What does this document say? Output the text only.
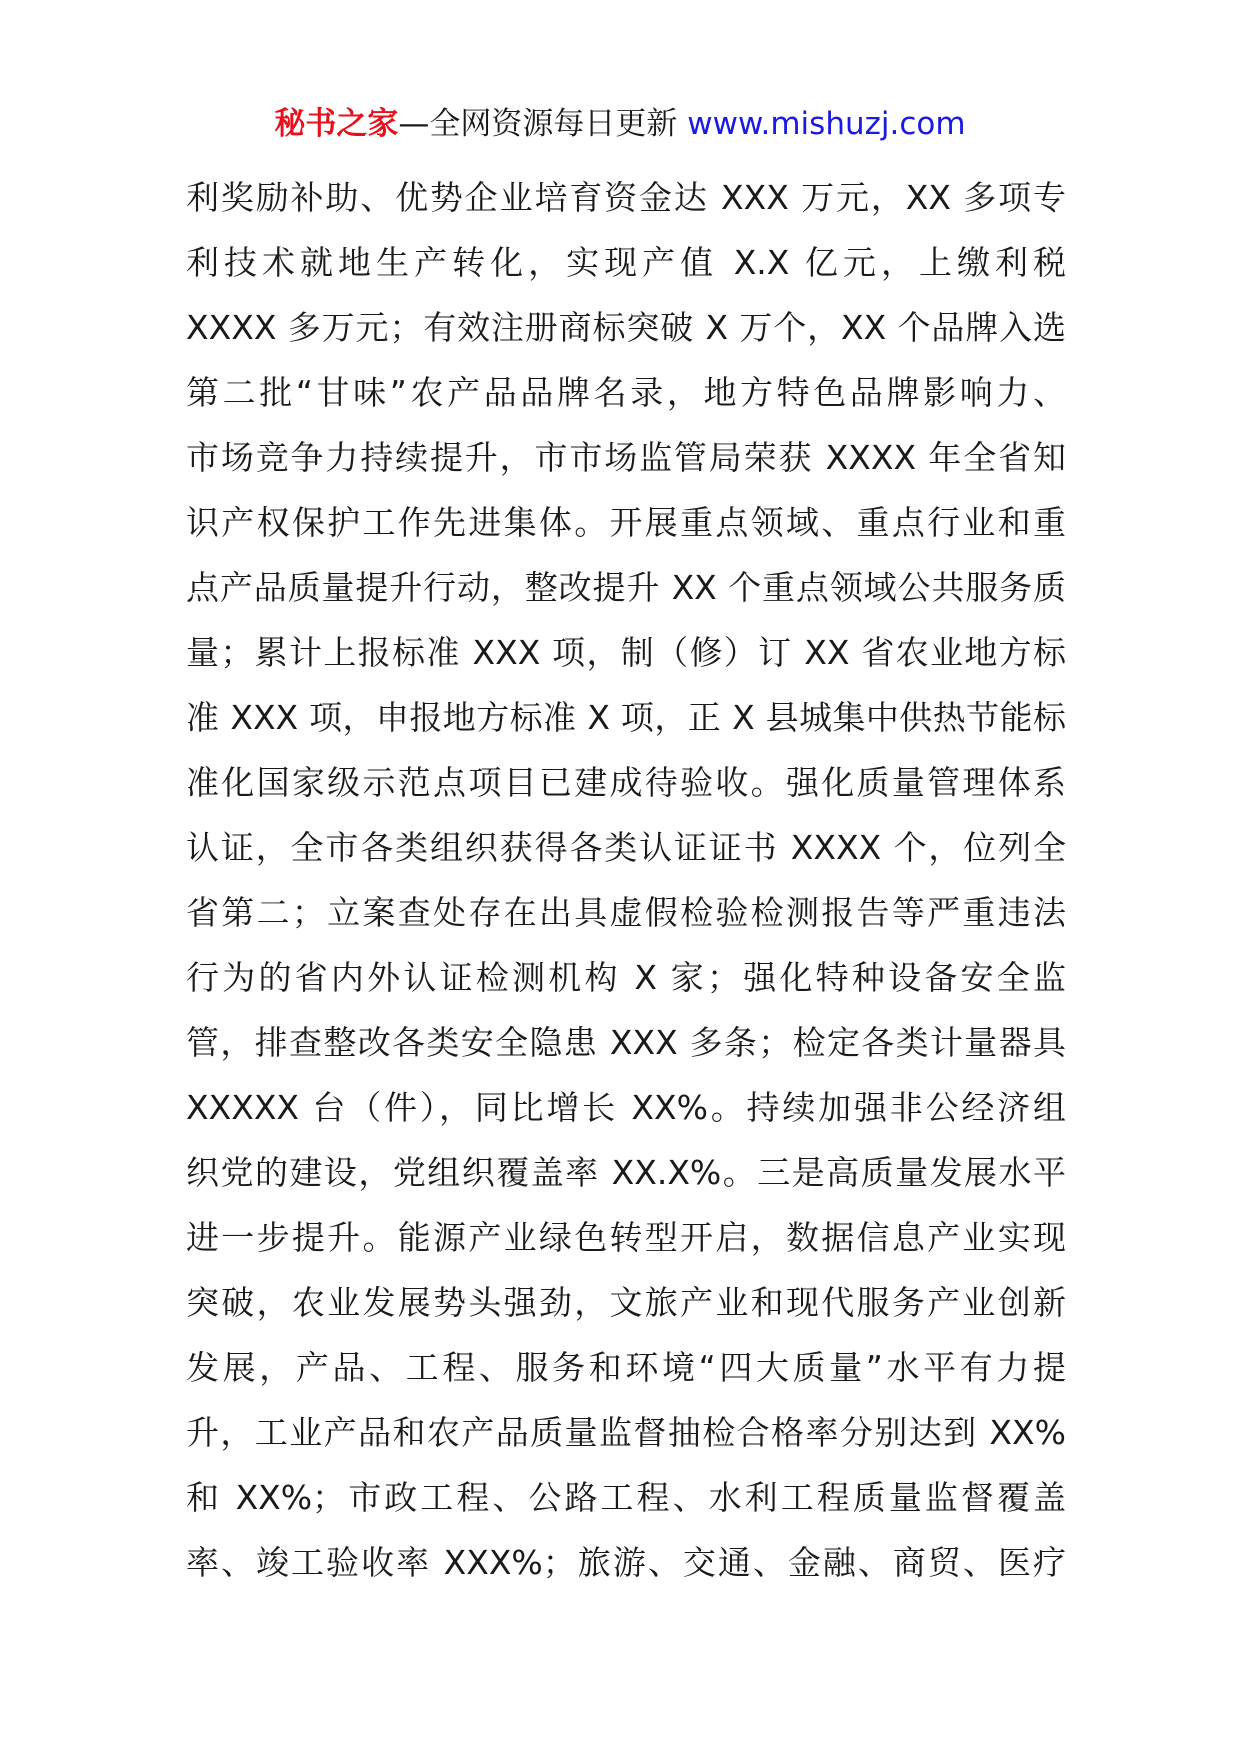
秘书之家—全网资源每日更新 www.mishuzj.com
利奖励补助、优势企业培育资金达 XXX 万元，XX 多项专
利技术就地生产转化，实现产值 X.X 亿元，上缴利税
XXXX 多万元；有效注册商标突破 X 万个，XX 个品牌入选
第二批“甘味”农产品品牌名录，地方特色品牌影响力、
市场竞争力持续提升，市市场监管局荣获 XXXX 年全省知
识产权保护工作先进集体。开展重点领域、重点行业和重
点产品质量提升行动，整改提升 XX 个重点领域公共服务质
量；累计上报标准 XXX 项，制（修）订 XX 省农业地方标
准 XXX 项，申报地方标准 X 项，正 X 县城集中供热节能标
准化国家级示范点项目已建成待验收。强化质量管理体系
认证，全市各类组织获得各类认证证书 XXXX 个，位列全
省第二；立案查处存在出具虚假检验检测报告等严重违法
行为的省内外认证检测机构 X 家；强化特种设备安全监
管，排查整改各类安全隐患 XXX 多条；检定各类计量器具
XXXXX 台（件），同比增长 XX%。持续加强非公经济组
织党的建设，党组织覆盖率 XX.X%。三是高质量发展水平
进一步提升。能源产业绿色转型开启，数据信息产业实现
突破，农业发展势头强劲，文旅产业和现代服务产业创新
发展，产品、工程、服务和环境“四大质量”水平有力提
升，工业产品和农产品质量监督抽检合格率分别达到 XX%
和 XX%；市政工程、公路工程、水利工程质量监督覆盖
率、竣工验收率 XXX%；旅游、交通、金融、商贸、医疗
